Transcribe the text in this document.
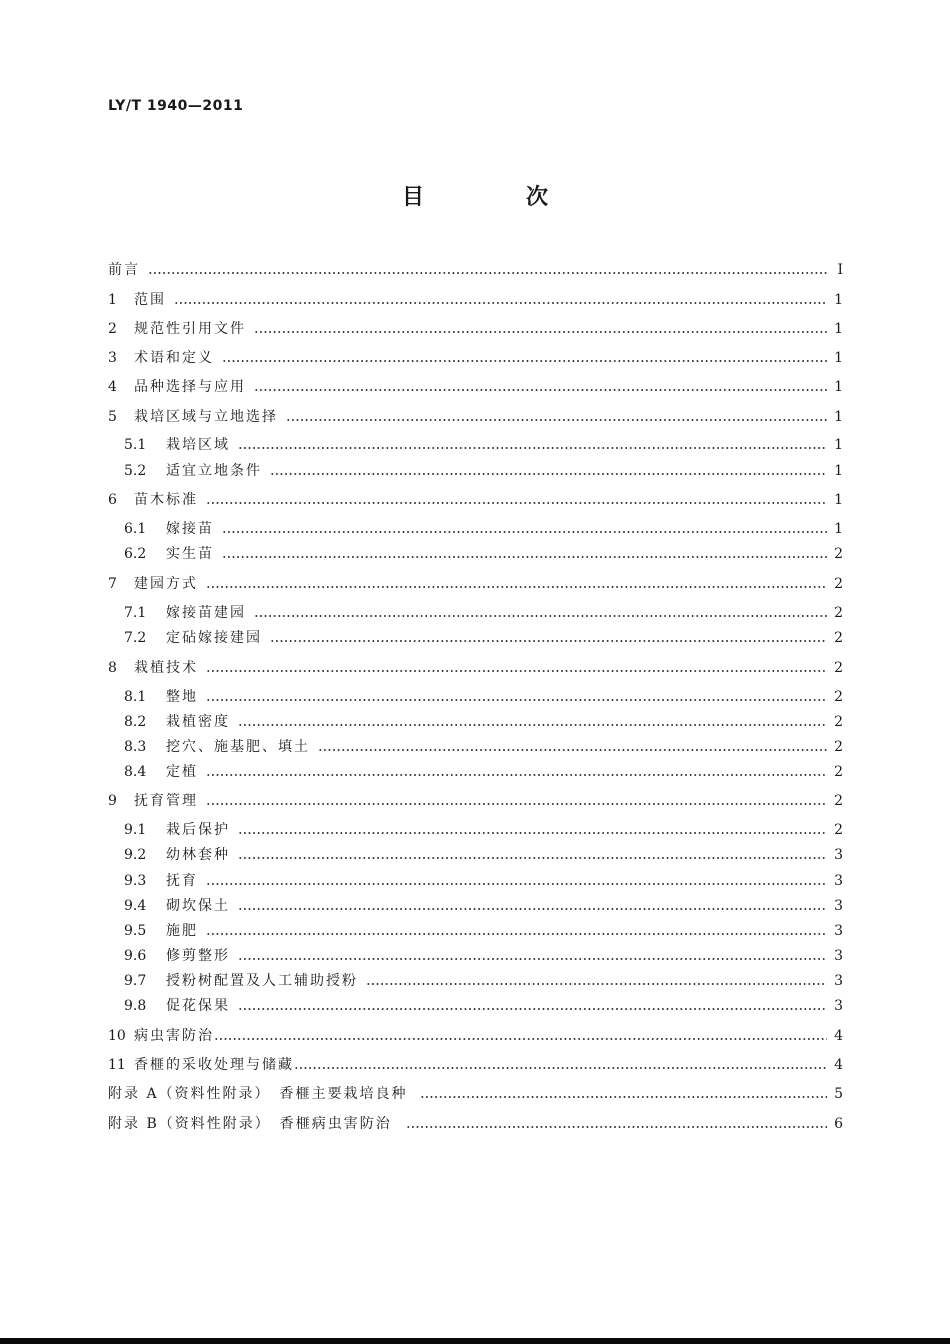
LY/T 1940—2011
目　次
前言	Ⅰ
1	范围	1
2	规范性引用文件	1
3	术语和定义	1
4	品种选择与应用	1
5	栽培区域与立地选择	1
5.1	栽培区域	1
5.2	适宜立地条件	1
6	苗木标准	1
6.1	嫁接苗	1
6.2	实生苗	2
7	建园方式	2
7.1	嫁接苗建园	2
7.2	定砧嫁接建园	2
8	栽植技术	2
8.1	整地	2
8.2	栽植密度	2
8.3	挖穴、施基肥、填土	2
8.4	定植	2
9	抚育管理	2
9.1	栽后保护	2
9.2	幼林套种	3
9.3	抚育	3
9.4	砌坎保土	3
9.5	施肥	3
9.6	修剪整形	3
9.7	授粉树配置及人工辅助授粉	3
9.8	促花保果	3
10 病虫害防治	4
11 香榧的采收处理与储藏	4
附录 A（资料性附录）　香榧主要栽培良种	5
附录 B（资料性附录）　香榧病虫害防治	6
